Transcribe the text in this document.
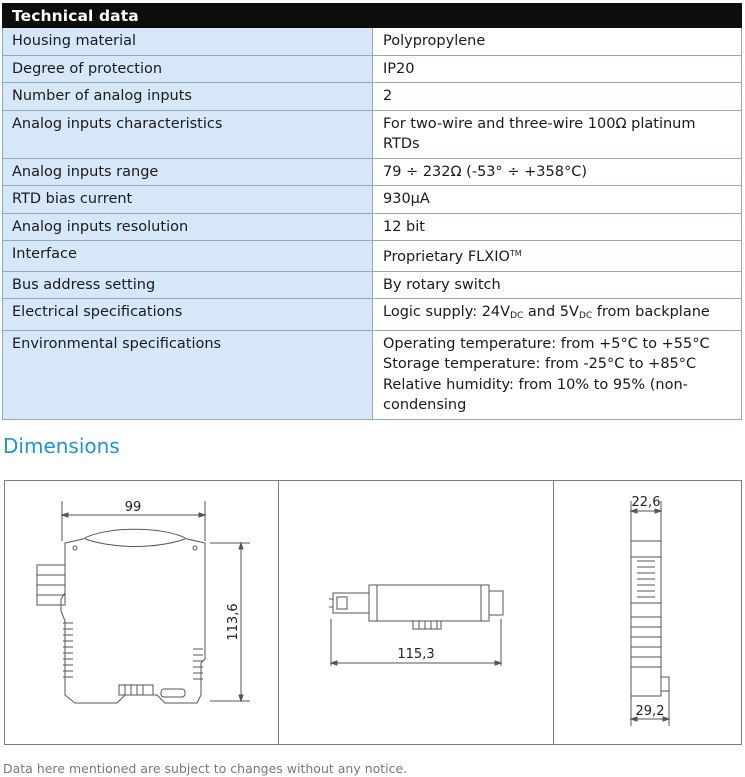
Technical data	
Housing material	Polypropylene
Degree of protection	IP20
Number of analog inputs	2
Analog inputs characteristics	For two-wire and three-wire 100Ω platinum RTDs
Analog inputs range	79 ÷ 232Ω (-53° ÷ +358°C)
RTD bias current	930μA
Analog inputs resolution	12 bit
Interface	Proprietary FLXIO™
Bus address setting	By rotary switch
Electrical specifications	Logic supply: $24V_{DC}$ and $5V_{DC}$ from backplane
Environmental specifications	Operating temperature: from +5°C to +55°C
Storage temperature: from -25°C to +85°C
Relative humidity: from 10% to 95% (non-
condensing
Dimensions
99
113,6
115,3
22,6
29,2
Data here mentioned are subject to changes without any notice.
